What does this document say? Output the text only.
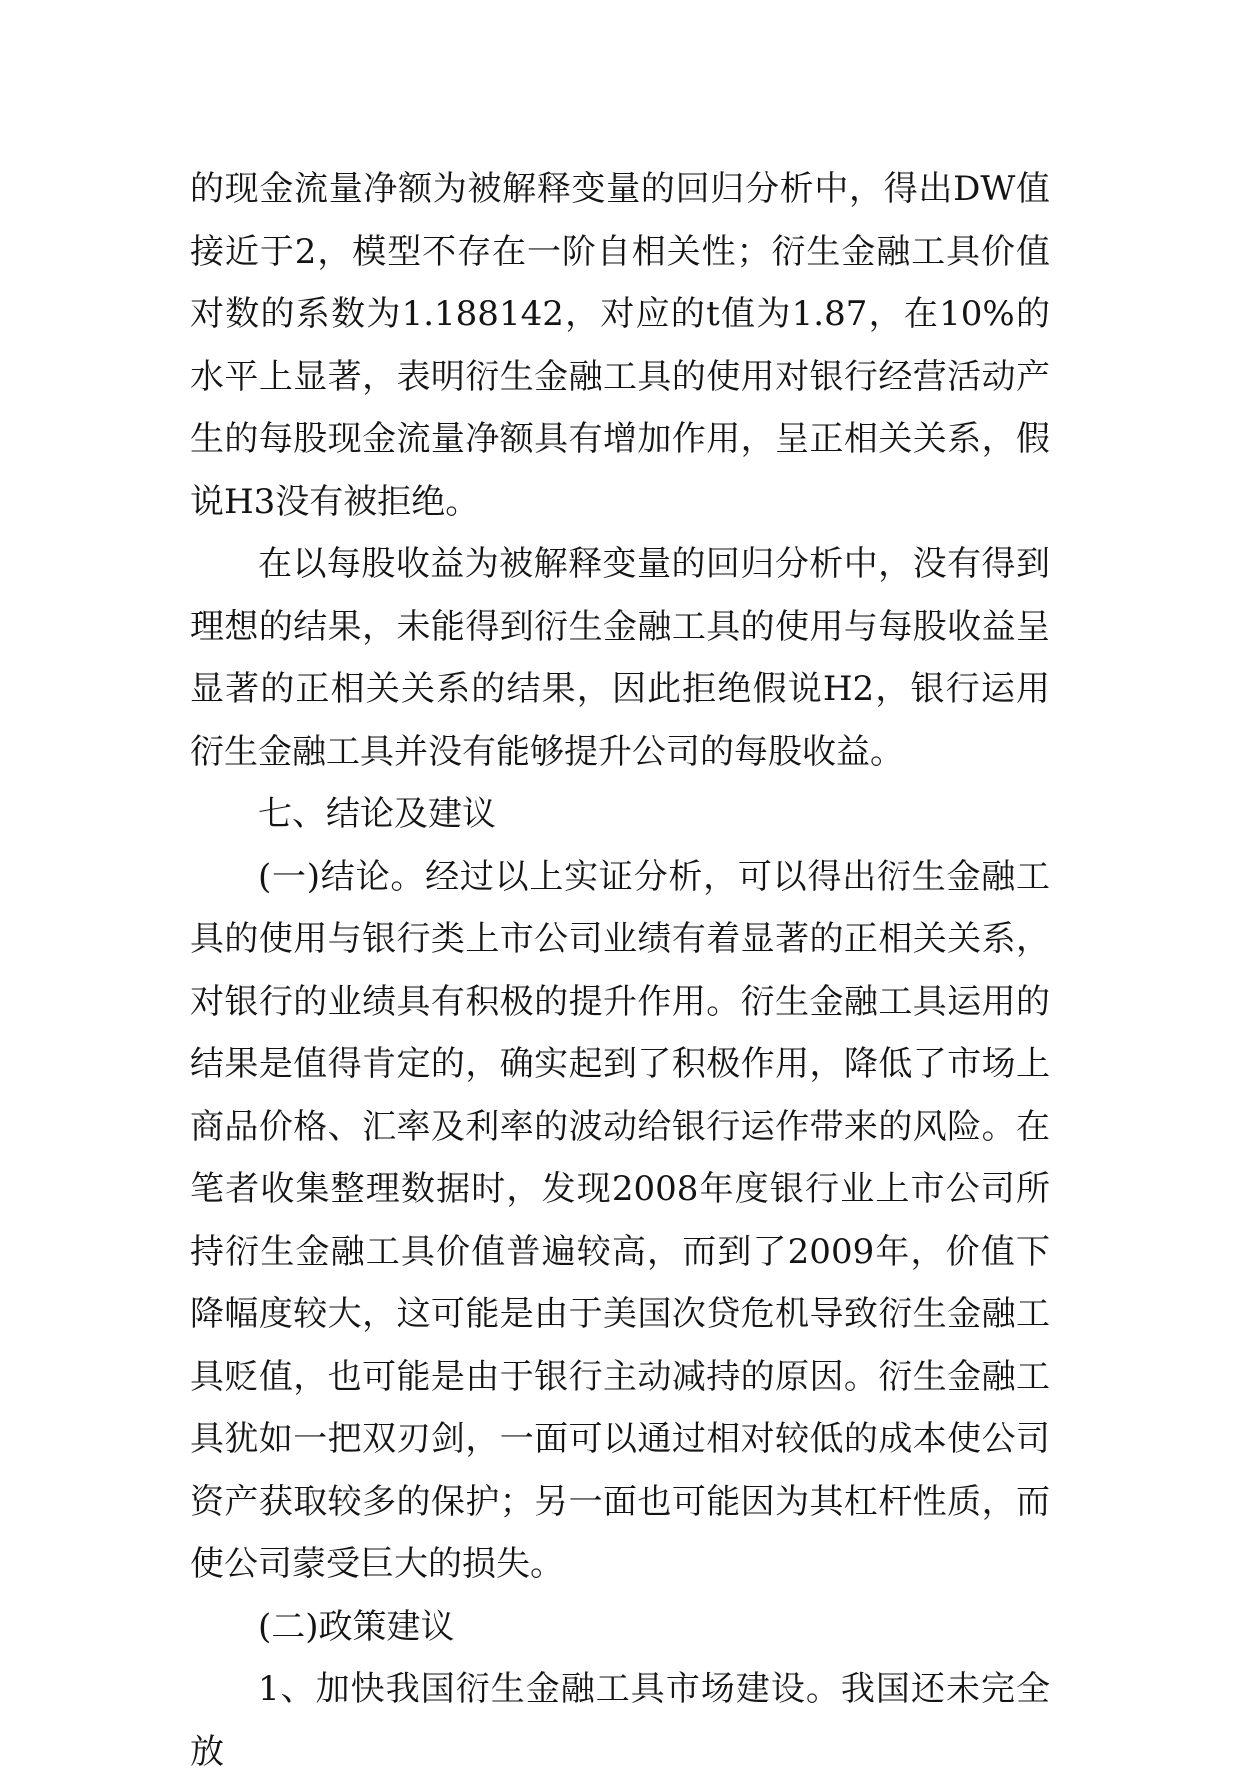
的现金流量净额为被解释变量的回归分析中，得出DW值接近于2，模型不存在一阶自相关性；衍生金融工具价值对数的系数为1.188142，对应的t值为1.87，在10%的水平上显著，表明衍生金融工具的使用对银行经营活动产生的每股现金流量净额具有增加作用，呈正相关关系，假说H3没有被拒绝。

在以每股收益为被解释变量的回归分析中，没有得到理想的结果，未能得到衍生金融工具的使用与每股收益呈显著的正相关关系的结果，因此拒绝假说H2，银行运用衍生金融工具并没有能够提升公司的每股收益。

七、结论及建议

(一)结论。经过以上实证分析，可以得出衍生金融工具的使用与银行类上市公司业绩有着显著的正相关关系，对银行的业绩具有积极的提升作用。衍生金融工具运用的结果是值得肯定的，确实起到了积极作用，降低了市场上商品价格、汇率及利率的波动给银行运作带来的风险。在笔者收集整理数据时，发现2008年度银行业上市公司所持衍生金融工具价值普遍较高，而到了2009年，价值下降幅度较大，这可能是由于美国次贷危机导致衍生金融工具贬值，也可能是由于银行主动减持的原因。衍生金融工具犹如一把双刃剑，一面可以通过相对较低的成本使公司资产获取较多的保护；另一面也可能因为其杠杆性质，而使公司蒙受巨大的损失。

(二)政策建议

1、加快我国衍生金融工具市场建设。我国还未完全放
